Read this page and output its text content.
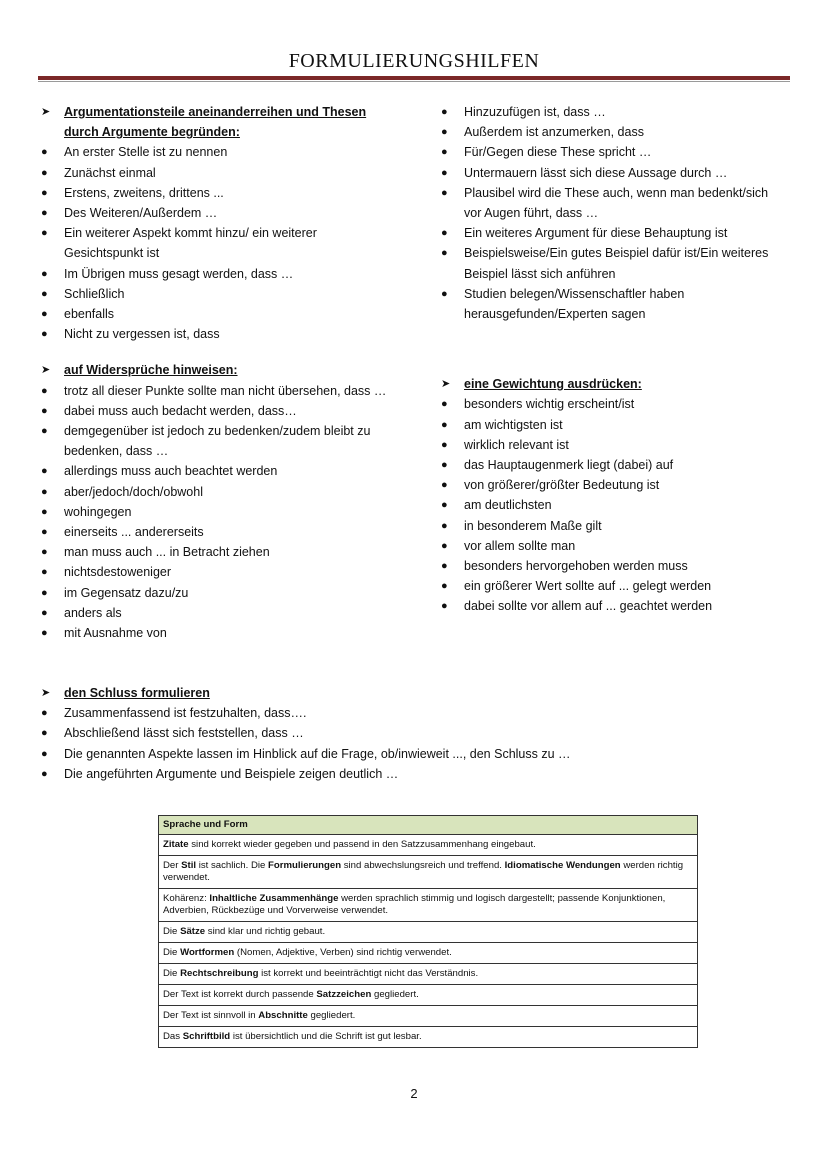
FORMULIERUNGSHILFEN
➤ Argumentationsteile aneinanderreihen und Thesen durch Argumente begründen:
● An erster Stelle ist zu nennen
● Zunächst einmal
● Erstens, zweitens, drittens ...
● Des Weiteren/Außerdem …
● Ein weiterer Aspekt kommt hinzu/ ein weiterer Gesichtspunkt ist
● Im Übrigen muss gesagt werden, dass …
● Schließlich
● ebenfalls
● Nicht zu vergessen ist, dass
➤ auf Widersprüche hinweisen:
● trotz all dieser Punkte sollte man nicht übersehen, dass …
● dabei muss auch bedacht werden, dass…
● demgegenüber ist jedoch zu bedenken/zudem bleibt zu bedenken, dass …
● allerdings muss auch beachtet werden
● aber/jedoch/doch/obwohl
● wohingegen
● einerseits ... andererseits
● man muss auch ... in Betracht ziehen
● nichtsdestoweniger
● im Gegensatz dazu/zu
● anders als
● mit Ausnahme von
● Hinzuzufügen ist, dass …
● Außerdem ist anzumerken, dass
● Für/Gegen diese These spricht …
● Untermauern lässt sich diese Aussage durch …
● Plausibel wird die These auch, wenn man bedenkt/sich vor Augen führt, dass …
● Ein weiteres Argument für diese Behauptung ist
● Beispielsweise/Ein gutes Beispiel dafür ist/Ein weiteres Beispiel lässt sich anführen
● Studien belegen/Wissenschaftler haben herausgefunden/Experten sagen
➤ eine Gewichtung ausdrücken:
● besonders wichtig erscheint/ist
● am wichtigsten ist
● wirklich relevant ist
● das Hauptaugenmerk liegt (dabei) auf
● von größerer/größter Bedeutung ist
● am deutlichsten
● in besonderem Maße gilt
● vor allem sollte man
● besonders hervorgehoben werden muss
● ein größerer Wert sollte auf ... gelegt werden
● dabei sollte vor allem auf ... geachtet werden
➤ den Schluss formulieren
● Zusammenfassend ist festzuhalten, dass….
● Abschließend lässt sich feststellen, dass …
● Die genannten Aspekte lassen im Hinblick auf die Frage, ob/inwieweit ..., den Schluss zu …
● Die angeführten Argumente und Beispiele zeigen deutlich …
Sprache und Form
Zitate sind korrekt wieder gegeben und passend in den Satzzusammenhang eingebaut.
Der Stil ist sachlich. Die Formulierungen sind abwechslungsreich und treffend. Idiomatische Wendungen werden richtig verwendet.
Kohärenz: Inhaltliche Zusammenhänge werden sprachlich stimmig und logisch dargestellt; passende Konjunktionen, Adverbien, Rückbezüge und Vorverweise verwendet.
Die Sätze sind klar und richtig gebaut.
Die Wortformen (Nomen, Adjektive, Verben) sind richtig verwendet.
Die Rechtschreibung ist korrekt und beeinträchtigt nicht das Verständnis.
Der Text ist korrekt durch passende Satzzeichen gegliedert.
Der Text ist sinnvoll in Abschnitte gegliedert.
Das Schriftbild ist übersichtlich und die Schrift ist gut lesbar.
2
